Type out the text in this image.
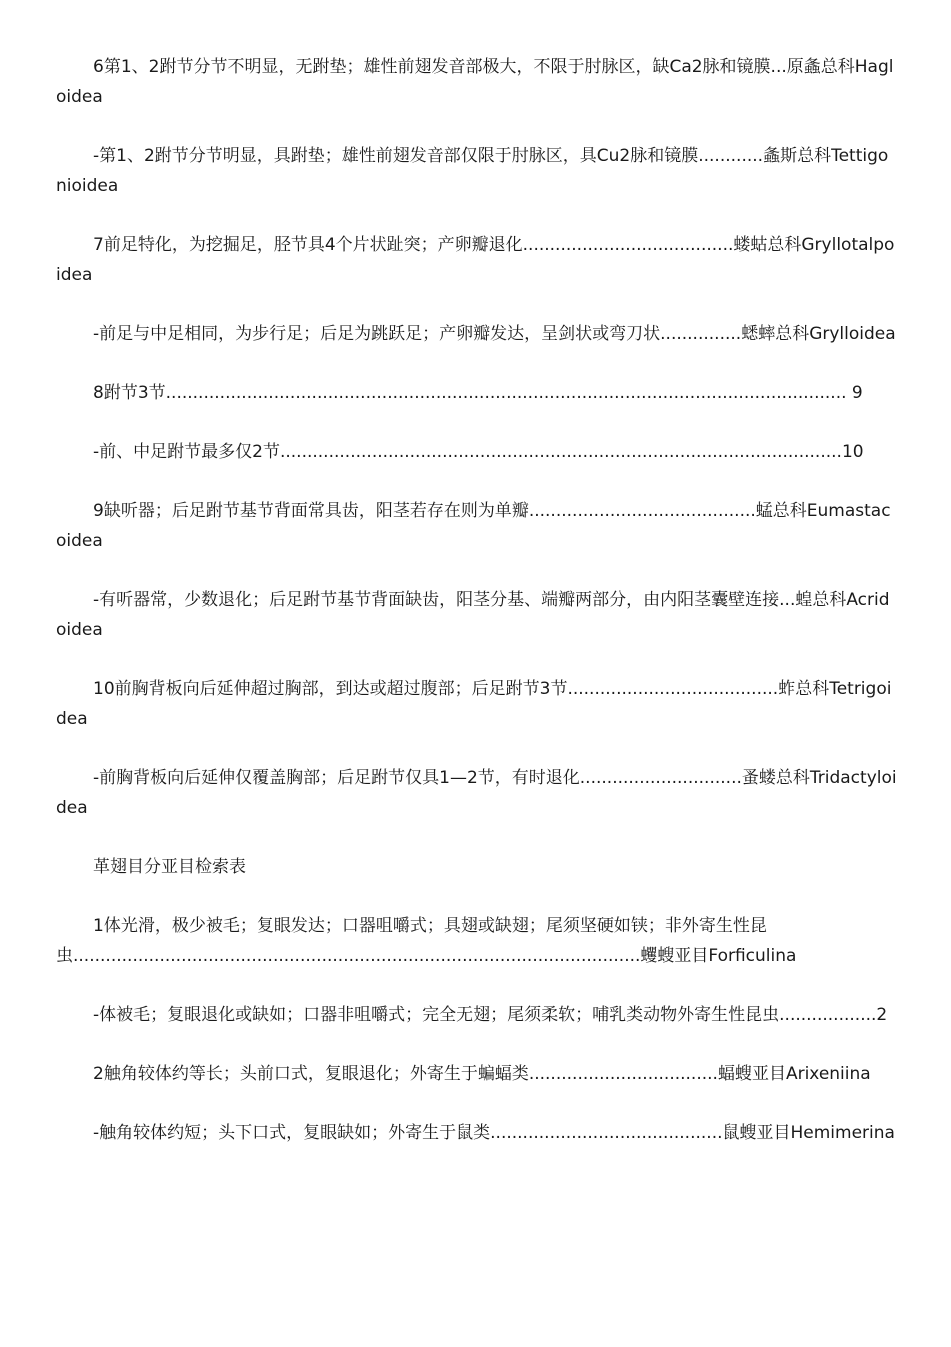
6第1、2跗节分节不明显，无跗垫；雄性前翅发音部极大，不限于肘脉区，缺Ca2脉和镜膜...原螽总科Hagloidea

-第1、2跗节分节明显，具跗垫；雄性前翅发音部仅限于肘脉区，具Cu2脉和镜膜............螽斯总科Tettigonioidea

7前足特化，为挖掘足，胫节具4个片状趾突；产卵瓣退化.......................................蝼蛄总科Gryllotalpoidea

-前足与中足相同，为步行足；后足为跳跃足；产卵瓣发达，呈剑状或弯刀状...............蟋蟀总科Grylloidea

8跗节3节.............................................................................................................................. 9

-前、中足跗节最多仅2节........................................................................................................10

9缺听器；后足跗节基节背面常具齿，阳茎若存在则为单瓣..........................................蜢总科Eumastacoidea

-有听器常，少数退化；后足跗节基节背面缺齿，阳茎分基、端瓣两部分，由内阳茎囊壁连接...蝗总科Acridoidea

10前胸背板向后延伸超过胸部，到达或超过腹部；后足跗节3节.......................................蚱总科Tetrigoidea

-前胸背板向后延伸仅覆盖胸部；后足跗节仅具1—2节，有时退化..............................蚤蝼总科Tridactyloidea

革翅目分亚目检索表

1体光滑，极少被毛；复眼发达；口器咀嚼式；具翅或缺翅；尾须坚硬如铗；非外寄生性昆虫.........................................................................................................蠼螋亚目Forficulina

-体被毛；复眼退化或缺如；口器非咀嚼式；完全无翅；尾须柔软；哺乳类动物外寄生性昆虫..................2

2触角较体约等长；头前口式，复眼退化；外寄生于蝙蝠类...................................蝠螋亚目Arixeniina

-触角较体约短；头下口式，复眼缺如；外寄生于鼠类...........................................鼠螋亚目Hemimerina
